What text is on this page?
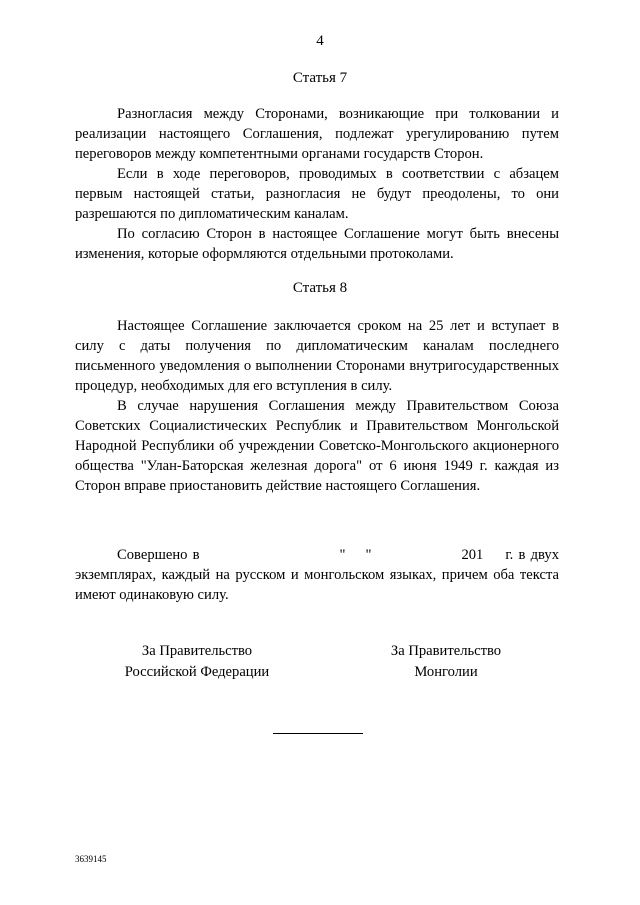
4
Статья 7

Разногласия между Сторонами, возникающие при толковании и реализации настоящего Соглашения, подлежат урегулированию путем переговоров между компетентными органами государств Сторон.

Если в ходе переговоров, проводимых в соответствии с абзацем первым настоящей статьи, разногласия не будут преодолены, то они разрешаются по дипломатическим каналам.

По согласию Сторон в настоящее Соглашение могут быть внесены изменения, которые оформляются отдельными протоколами.

Статья 8

Настоящее Соглашение заключается сроком на 25 лет и вступает в силу с даты получения по дипломатическим каналам последнего письменного уведомления о выполнении Сторонами внутригосударственных процедур, необходимых для его вступления в силу.

В случае нарушения Соглашения между Правительством Союза Советских Социалистических Республик и Правительством Монгольской Народной Республики об учреждении Советско-Монгольского акционерного общества "Улан-Баторская железная дорога" от 6 июня 1949 г. каждая из Сторон вправе приостановить действие настоящего Соглашения.

Совершено в	" "	201 г. в двух экземплярах, каждый на русском и монгольском языках, причем оба текста имеют одинаковую силу.

За Правительство
Российской Федерации
За Правительство
Монголии
3639145
